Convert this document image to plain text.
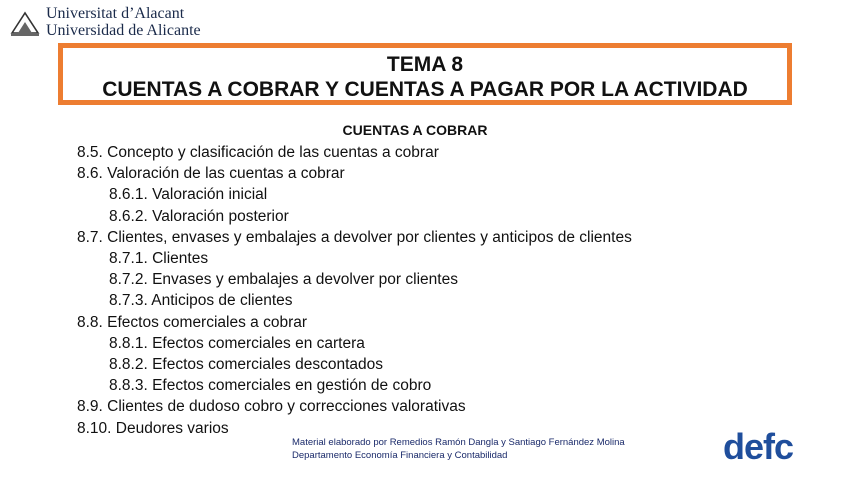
Universitat d’Alacant
Universidad de Alicante
TEMA 8
CUENTAS A COBRAR Y CUENTAS A PAGAR POR LA ACTIVIDAD
CUENTAS A COBRAR
8.5. Concepto y clasificación de las cuentas a cobrar
8.6. Valoración de las cuentas a cobrar
8.6.1. Valoración inicial
8.6.2. Valoración posterior
8.7. Clientes, envases y embalajes a devolver por clientes y anticipos de clientes
8.7.1. Clientes
8.7.2. Envases y embalajes a devolver por clientes
8.7.3. Anticipos de clientes
8.8. Efectos comerciales a cobrar
8.8.1. Efectos comerciales en cartera
8.8.2. Efectos comerciales descontados
8.8.3. Efectos comerciales en gestión de cobro
8.9. Clientes de dudoso cobro y correcciones valorativas
8.10. Deudores varios
Material elaborado por Remedios Ramón Dangla y Santiago Fernández Molina
Departamento Economía Financiera y Contabilidad	defc
